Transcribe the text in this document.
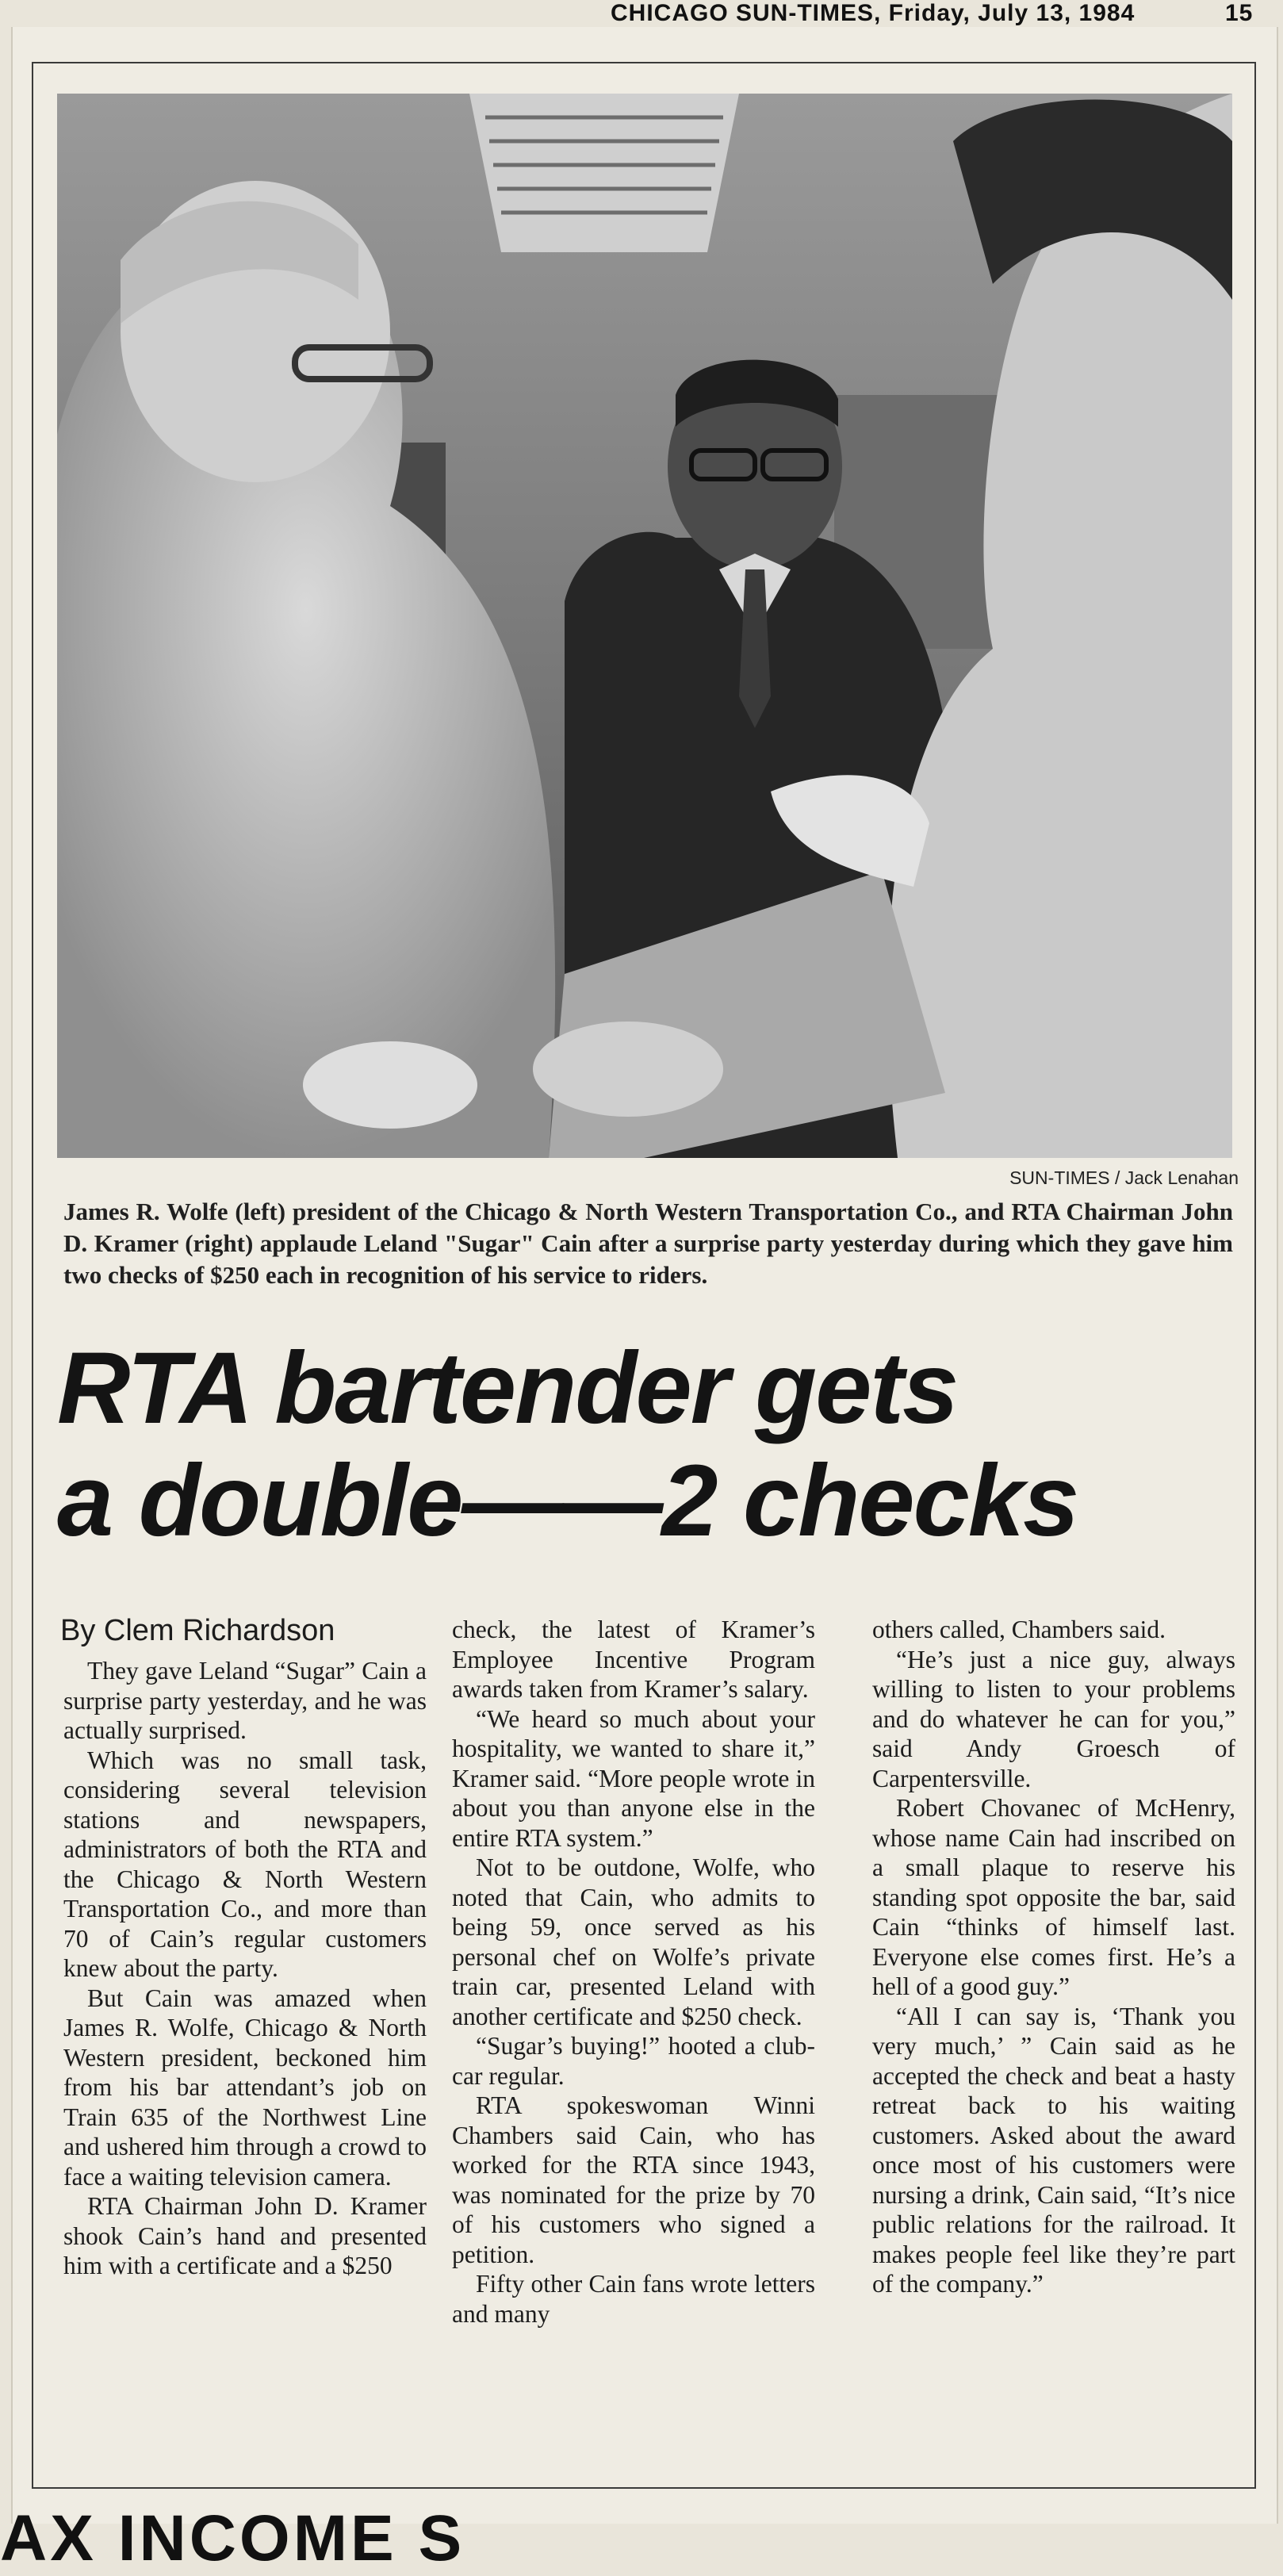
CHICAGO SUN-TIMES, Friday, July 13, 1984	15
SUN-TIMES / Jack Lenahan
James R. Wolfe (left) president of the Chicago & North Western Transportation Co., and RTA Chairman John D. Kramer (right) applaude Leland "Sugar" Cain after a surprise party yesterday during which they gave him two checks of $250 each in recognition of his service to riders.
RTA bartender gets
a double——2 checks
By Clem Richardson

They gave Leland “Sugar” Cain a surprise party yesterday, and he was actually surprised.

Which was no small task, considering several television stations and newspapers, administrators of both the RTA and the Chicago & North Western Transportation Co., and more than 70 of Cain’s regular customers knew about the party.

But Cain was amazed when James R. Wolfe, Chicago & North Western president, beckoned him from his bar attendant’s job on Train 635 of the Northwest Line and ushered him through a crowd to face a waiting television camera.

RTA Chairman John D. Kramer shook Cain’s hand and presented him with a certificate and a $250

check, the latest of Kramer’s Employee Incentive Program awards taken from Kramer’s salary.

“We heard so much about your hospitality, we wanted to share it,” Kramer said. “More people wrote in about you than anyone else in the entire RTA system.”

Not to be outdone, Wolfe, who noted that Cain, who admits to being 59, once served as his personal chef on Wolfe’s private train car, presented Leland with another certificate and $250 check.

“Sugar’s buying!” hooted a club-car regular.

RTA spokeswoman Winni Chambers said Cain, who has worked for the RTA since 1943, was nominated for the prize by 70 of his customers who signed a petition.

Fifty other Cain fans wrote letters and many

others called, Chambers said.

“He’s just a nice guy, always willing to listen to your problems and do whatever he can for you,” said Andy Groesch of Carpentersville.

Robert Chovanec of McHenry, whose name Cain had inscribed on a small plaque to reserve his standing spot opposite the bar, said Cain “thinks of himself last. Everyone else comes first. He’s a hell of a good guy.”

“All I can say is, ‘Thank you very much,’ ” Cain said as he accepted the check and beat a hasty retreat back to his waiting customers. Asked about the award once most of his customers were nursing a drink, Cain said, “It’s nice public relations for the railroad. It makes people feel like they’re part of the company.”

AX INCOME S
